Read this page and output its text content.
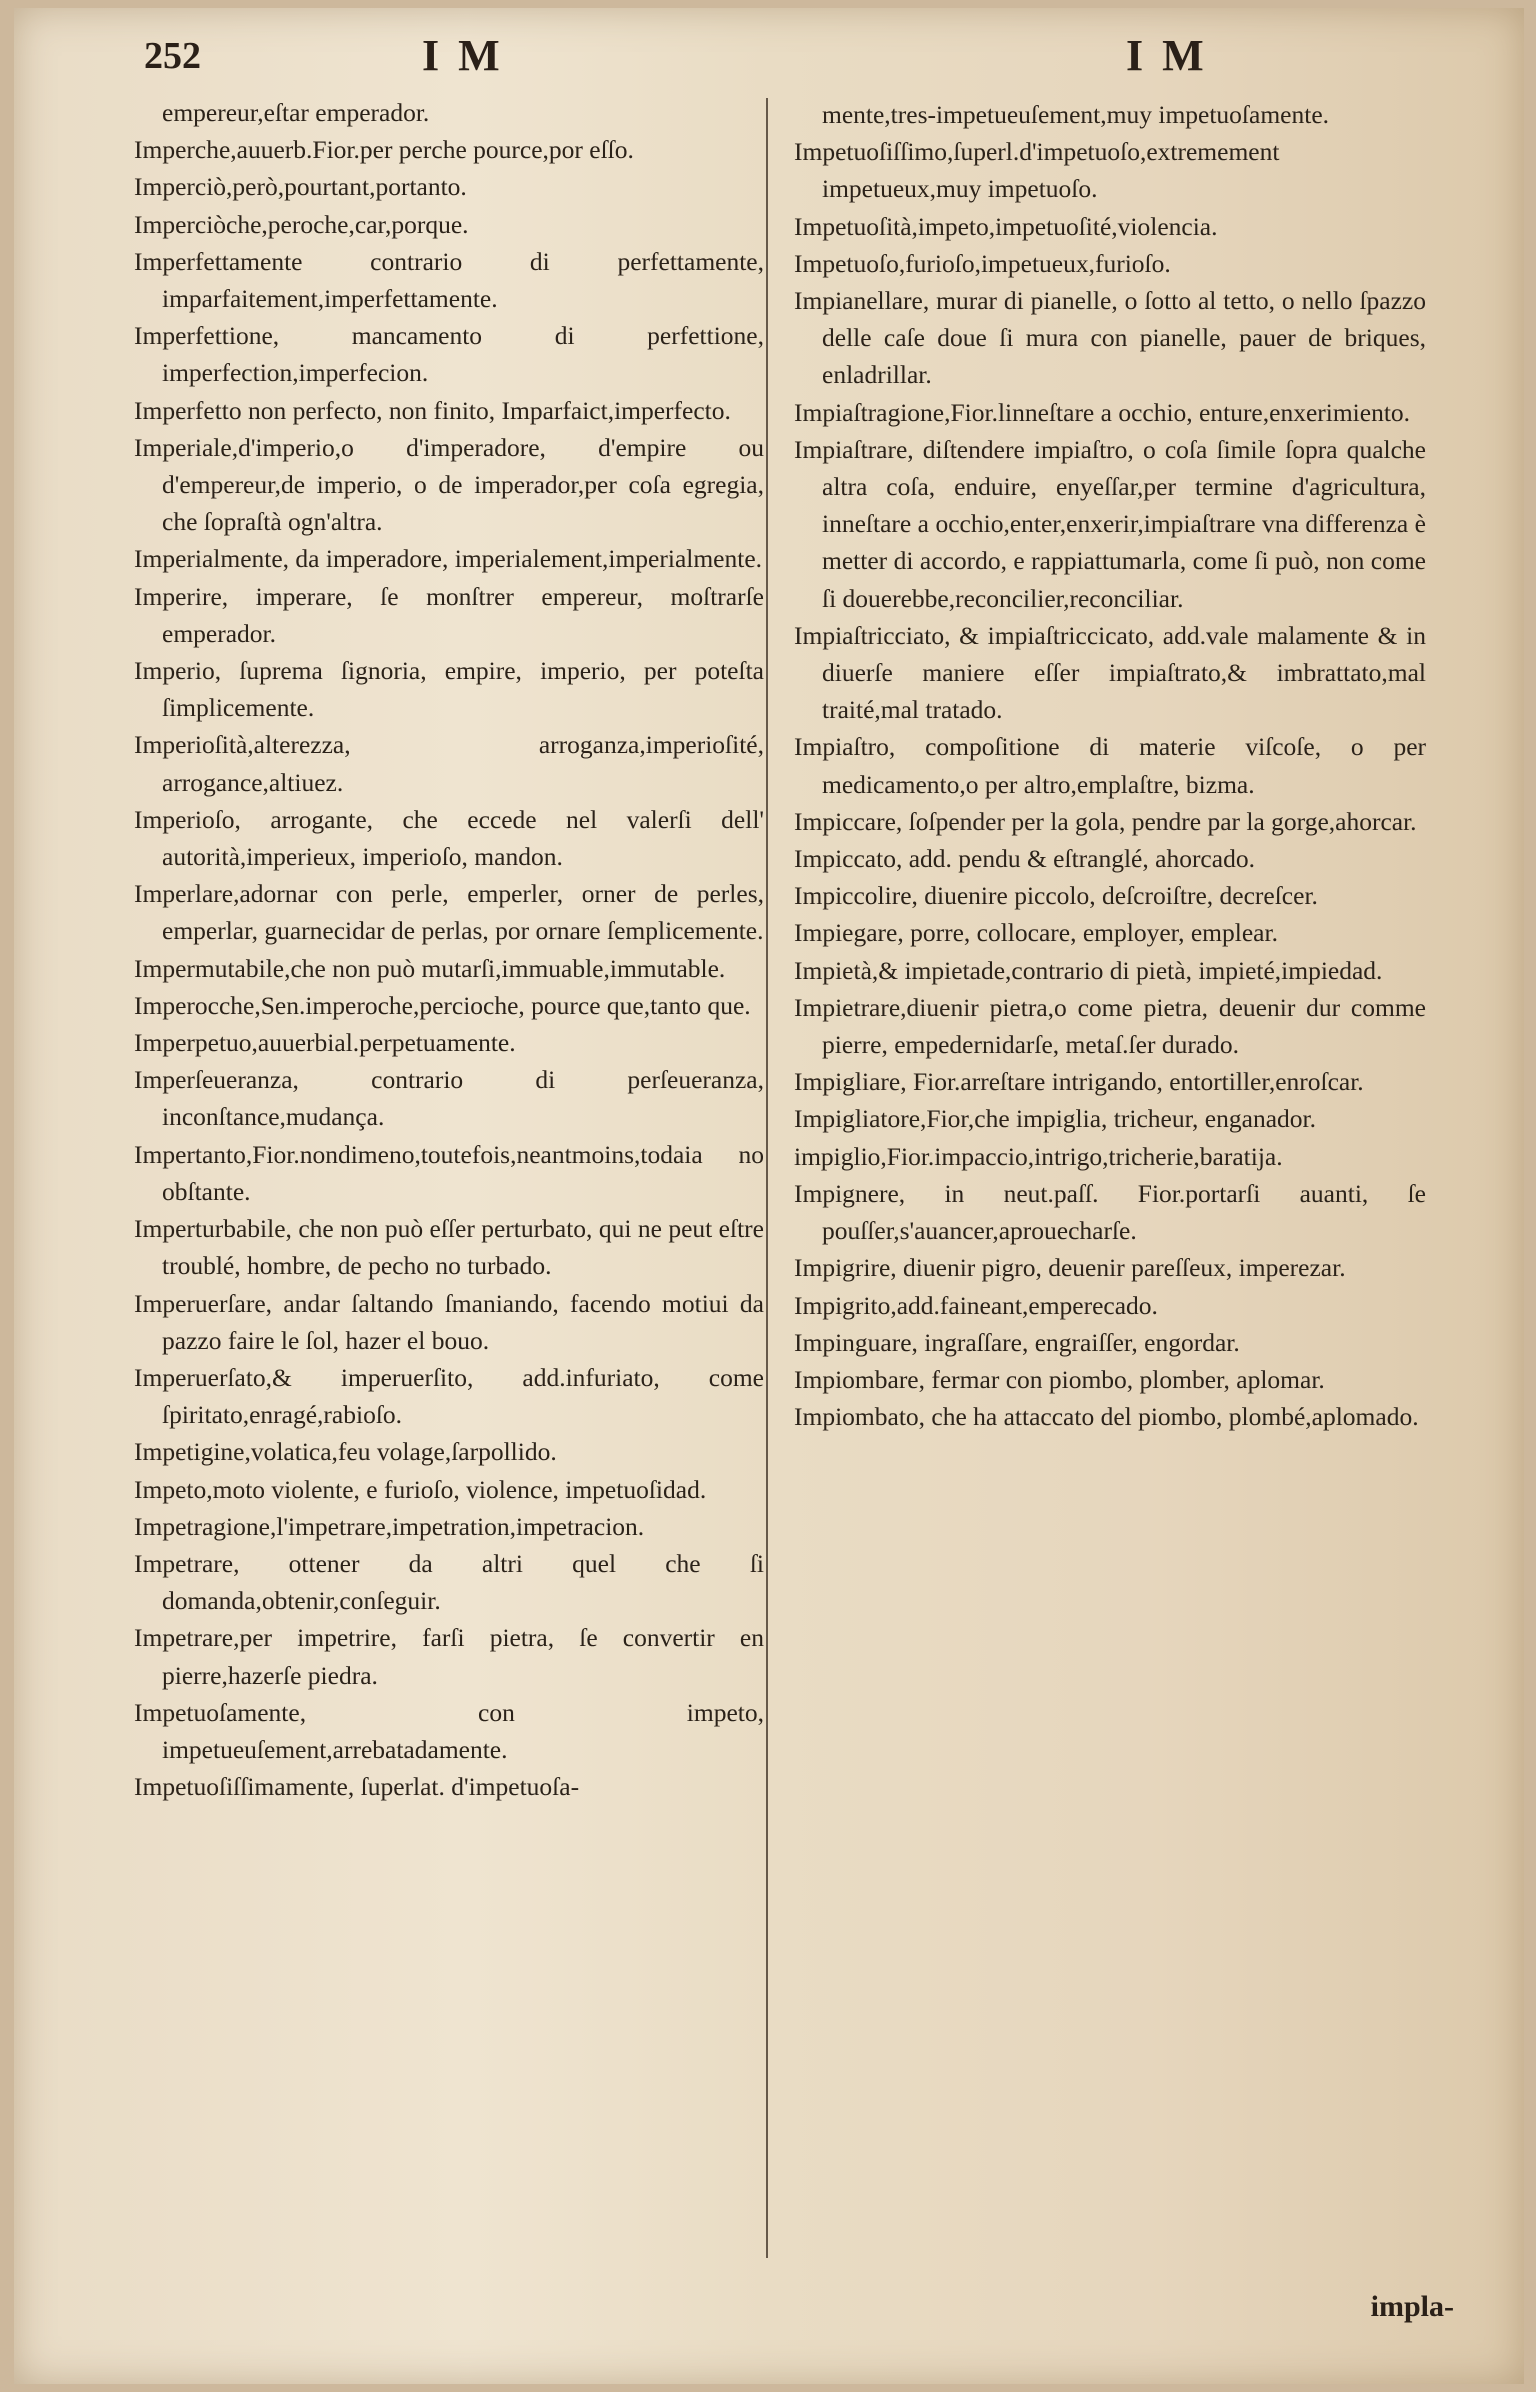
252	I M	I M

empereur,eſtar emperador.

Imperche,auuerb.Fior.per perche pource,por eſſo.

Imperciò,però,pourtant,portanto.

Imperciòche,peroche,car,porque.

Imperfettamente contrario di perfettamente, imparfaitement,imperfettamente.

Imperfettione, mancamento di perfettione, imperfection,imperfecion.

Imperfetto non perfecto, non finito, Imparfaict,imperfecto.

Imperiale,d'imperio,o d'imperadore, d'empire ou d'empereur,de imperio, o de imperador,per coſa egregia, che ſopraſtà ogn'altra.

Imperialmente, da imperadore, imperialement,imperialmente.

Imperire, imperare, ſe monſtrer empereur, moſtrarſe emperador.

Imperio, ſuprema ſignoria, empire, imperio, per poteſta ſimplicemente.

Imperioſità,alterezza, arroganza,imperioſité, arrogance,altiuez.

Imperioſo, arrogante, che eccede nel valerſi dell' autorità,imperieux, imperioſo, mandon.

Imperlare,adornar con perle, emperler, orner de perles, emperlar, guarnecidar de perlas, por ornare ſemplicemente.

Impermutabile,che non può mutarſi,immuable,immutable.

Imperocche,Sen.imperoche,percioche, pource que,tanto que.

Imperpetuo,auuerbial.perpetuamente.

Imperſeueranza, contrario di perſeueranza, inconſtance,mudança.

Impertanto,Fior.nondimeno,toutefois,neantmoins,todaia no obſtante.

Imperturbabile, che non può eſſer perturbato, qui ne peut eſtre troublé, hombre, de pecho no turbado.

Imperuerſare, andar ſaltando ſmaniando, facendo motiui da pazzo faire le ſol, hazer el bouo.

Imperuerſato,& imperuerſito, add.infuriato, come ſpiritato,enragé,rabioſo.

Impetigine,volatica,feu volage,ſarpollido.

Impeto,moto violente, e furioſo, violence, impetuoſidad.

Impetragione,l'impetrare,impetration,impetracion.

Impetrare, ottener da altri quel che ſi domanda,obtenir,conſeguir.

Impetrare,per impetrire, farſi pietra, ſe convertir en pierre,hazerſe piedra.

Impetuoſamente, con impeto, impetueuſement,arrebatadamente.

Impetuoſiſſimamente, ſuperlat. d'impetuoſa-

mente,tres-impetueuſement,muy impetuoſamente.

Impetuoſiſſimo,ſuperl.d'impetuoſo,extremement impetueux,muy impetuoſo.

Impetuoſità,impeto,impetuoſité,violencia.

Impetuoſo,furioſo,impetueux,furioſo.

Impianellare, murar di pianelle, o ſotto al tetto, o nello ſpazzo delle caſe doue ſi mura con pianelle, pauer de briques, enladrillar.

Impiaſtragione,Fior.linneſtare a occhio, enture,enxerimiento.

Impiaſtrare, diſtendere impiaſtro, o coſa ſimile ſopra qualche altra coſa, enduire, enyeſſar,per termine d'agricultura, inneſtare a occhio,enter,enxerir,impiaſtrare vna differenza è metter di accordo, e rappiattumarla, come ſi può, non come ſi douerebbe,reconcilier,reconciliar.

Impiaſtricciato, & impiaſtriccicato, add.vale malamente & in diuerſe maniere eſſer impiaſtrato,& imbrattato,mal traité,mal tratado.

Impiaſtro, compoſitione di materie viſcoſe, o per medicamento,o per altro,emplaſtre, bizma.

Impiccare, ſoſpender per la gola, pendre par la gorge,ahorcar.

Impiccato, add. pendu & eſtranglé, ahorcado.

Impiccolire, diuenire piccolo, deſcroiſtre, decreſcer.

Impiegare, porre, collocare, employer, emplear.

Impietà,& impietade,contrario di pietà, impieté,impiedad.

Impietrare,diuenir pietra,o come pietra, deuenir dur comme pierre, empedernidarſe, metaſ.ſer durado.

Impigliare, Fior.arreſtare intrigando, entortiller,enroſcar.

Impigliatore,Fior,che impiglia, tricheur, enganador.

impiglio,Fior.impaccio,intrigo,tricherie,baratija.

Impignere, in neut.paſſ. Fior.portarſi auanti, ſe pouſſer,s'auancer,aprouecharſe.

Impigrire, diuenir pigro, deuenir pareſſeux, imperezar.

Impigrito,add.faineant,emperecado.

Impinguare, ingraſſare, engraiſſer, engordar.

Impiombare, fermar con piombo, plomber, aplomar.

Impiombato, che ha attaccato del piombo, plombé,aplomado.

impla-
